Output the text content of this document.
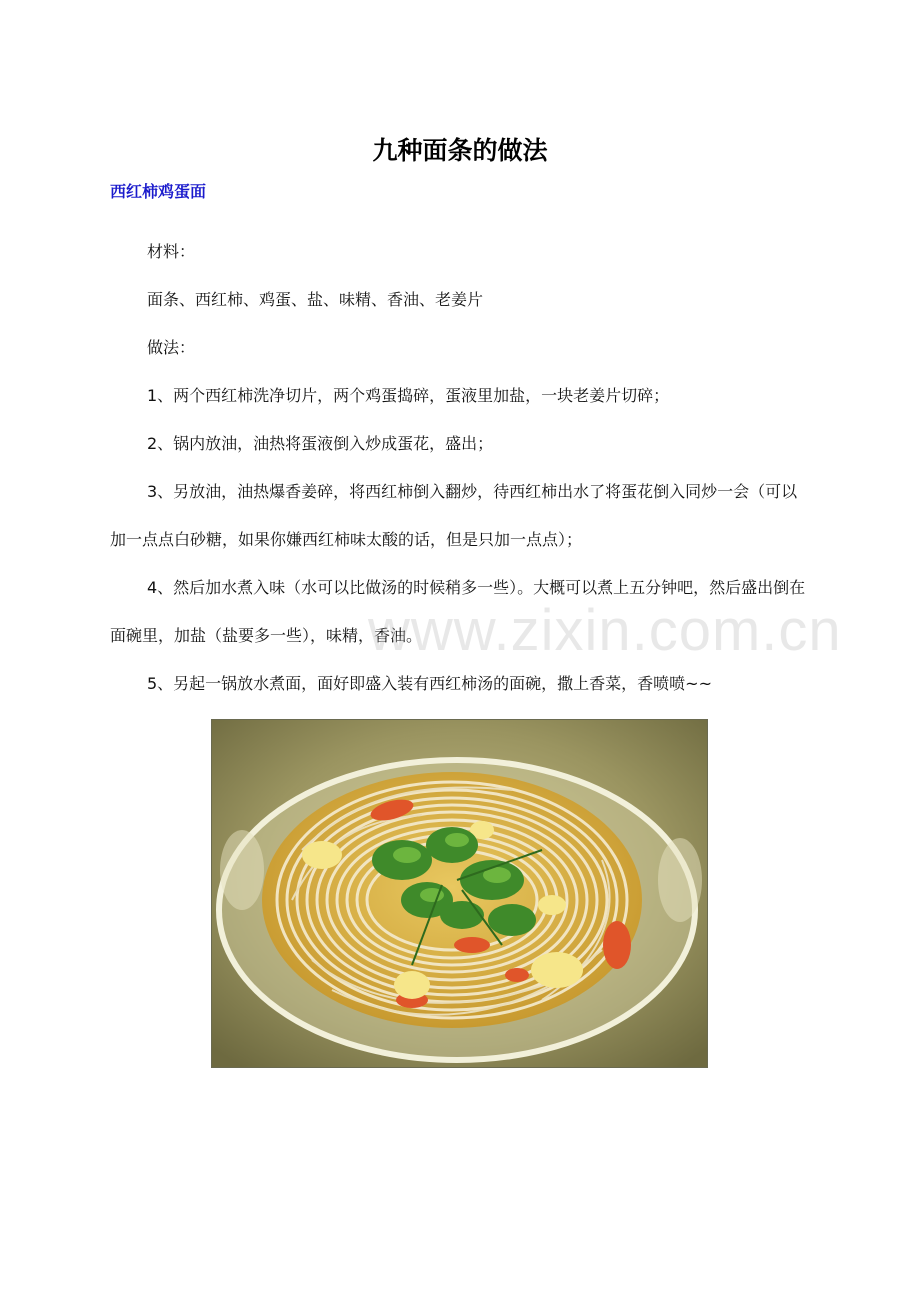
九种面条的做法
西红柿鸡蛋面

材料：

面条、西红柿、鸡蛋、盐、味精、香油、老姜片

做法：

1、两个西红柿洗净切片，两个鸡蛋捣碎，蛋液里加盐，一块老姜片切碎；

2、锅内放油，油热将蛋液倒入炒成蛋花，盛出；

3、另放油，油热爆香姜碎，将西红柿倒入翻炒，待西红柿出水了将蛋花倒入同炒一会（可以加一点点白砂糖，如果你嫌西红柿味太酸的话，但是只加一点点）；

4、然后加水煮入味（水可以比做汤的时候稍多一些）。大概可以煮上五分钟吧，然后盛出倒在面碗里，加盐（盐要多一些），味精，香油。

5、另起一锅放水煮面，面好即盛入装有西红柿汤的面碗，撒上香菜，香喷喷~~

www.zixin.com.cn
